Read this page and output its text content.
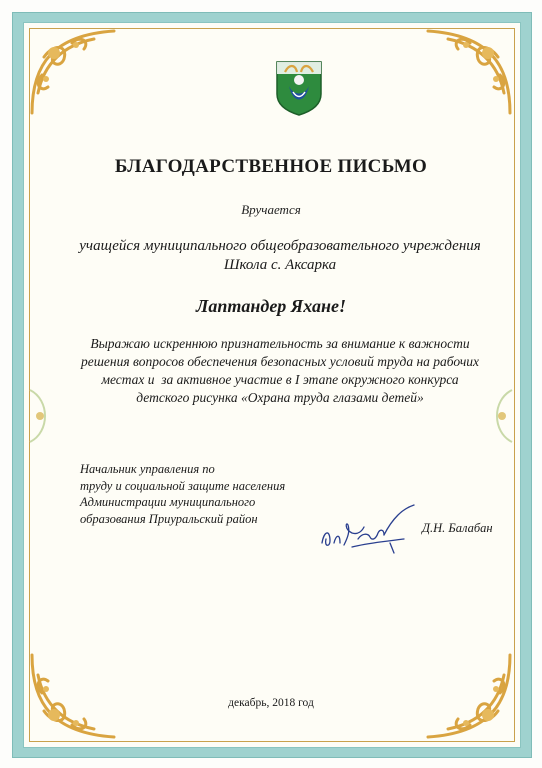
БЛАГОДАРСТВЕННОЕ ПИСЬМО
Вручается
учащейся муниципального общеобразовательного учреждения
Школа с. Аксарка
Лаптандер Яхане!
Выражаю искреннюю признательность за внимание к важности
решения вопросов обеспечения безопасных условий труда на рабочих
местах и  за активное участие в I этапе окружного конкурса
детского рисунка «Охрана труда глазами детей»
Начальник управления по
труду и социальной защите населения
Администрации муниципального
образования Приуральский район
Д.Н. Балабан
декабрь, 2018 год
